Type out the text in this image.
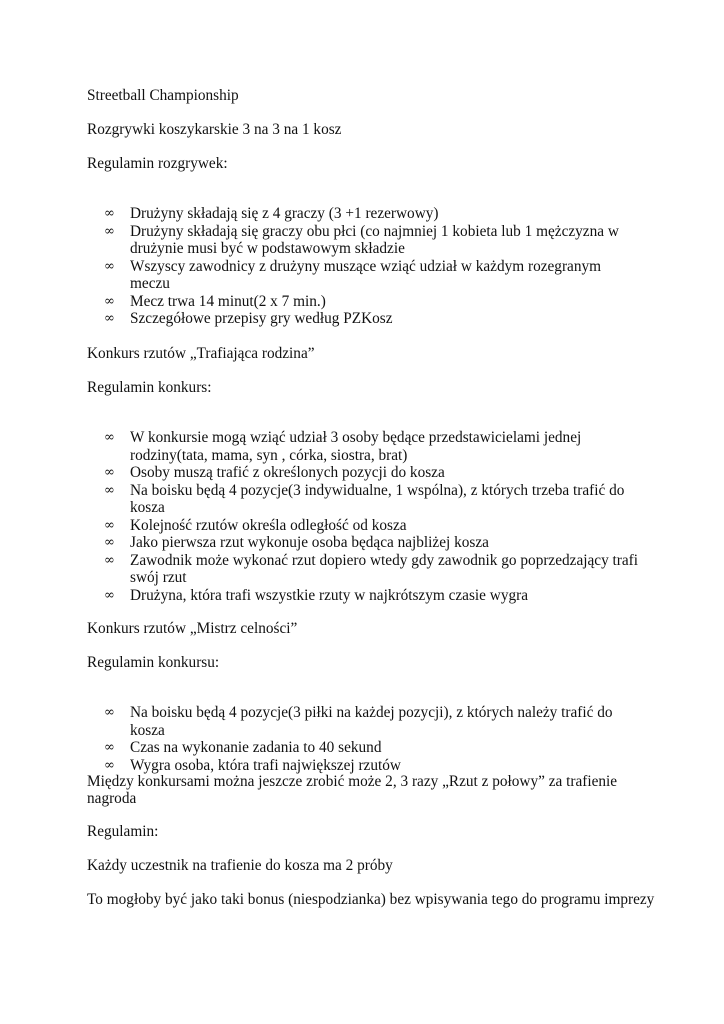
Streetball Championship

Rozgrywki koszykarskie 3 na 3 na 1 kosz

Regulamin rozgrywek:

∞ Drużyny składają się z 4 graczy (3 +1 rezerwowy)
∞ Drużyny składają się graczy obu płci (co najmniej 1 kobieta lub 1 mężczyzna w drużynie musi być w podstawowym składzie
∞ Wszyscy zawodnicy z drużyny muszące wziąć udział w każdym rozegranym meczu
∞ Mecz trwa 14 minut(2 x 7 min.)
∞ Szczegółowe przepisy gry według PZKosz

Konkurs rzutów „Trafiająca rodzina”

Regulamin konkurs:

∞ W konkursie mogą wziąć udział 3 osoby będące przedstawicielami jednej rodziny(tata, mama, syn , córka, siostra, brat)
∞ Osoby muszą trafić z określonych pozycji do kosza
∞ Na boisku będą 4 pozycje(3 indywidualne, 1 wspólna), z których trzeba trafić do kosza
∞ Kolejność rzutów określa odległość od kosza
∞ Jako pierwsza rzut wykonuje osoba będąca najbliżej kosza
∞ Zawodnik może wykonać rzut dopiero wtedy gdy zawodnik go poprzedzający trafi swój rzut
∞ Drużyna, która trafi wszystkie rzuty w najkrótszym czasie wygra

Konkurs rzutów „Mistrz celności”

Regulamin konkursu:

∞ Na boisku będą 4 pozycje(3 piłki na każdej pozycji), z których należy trafić do kosza
∞ Czas na wykonanie zadania to 40 sekund
∞ Wygra osoba, która trafi największej rzutów

Między konkursami można jeszcze zrobić może 2, 3 razy „Rzut z połowy” za trafienie nagroda

Regulamin:

Każdy uczestnik na trafienie do kosza ma 2 próby

To mogłoby być jako taki bonus (niespodzianka) bez wpisywania tego do programu imprezy
